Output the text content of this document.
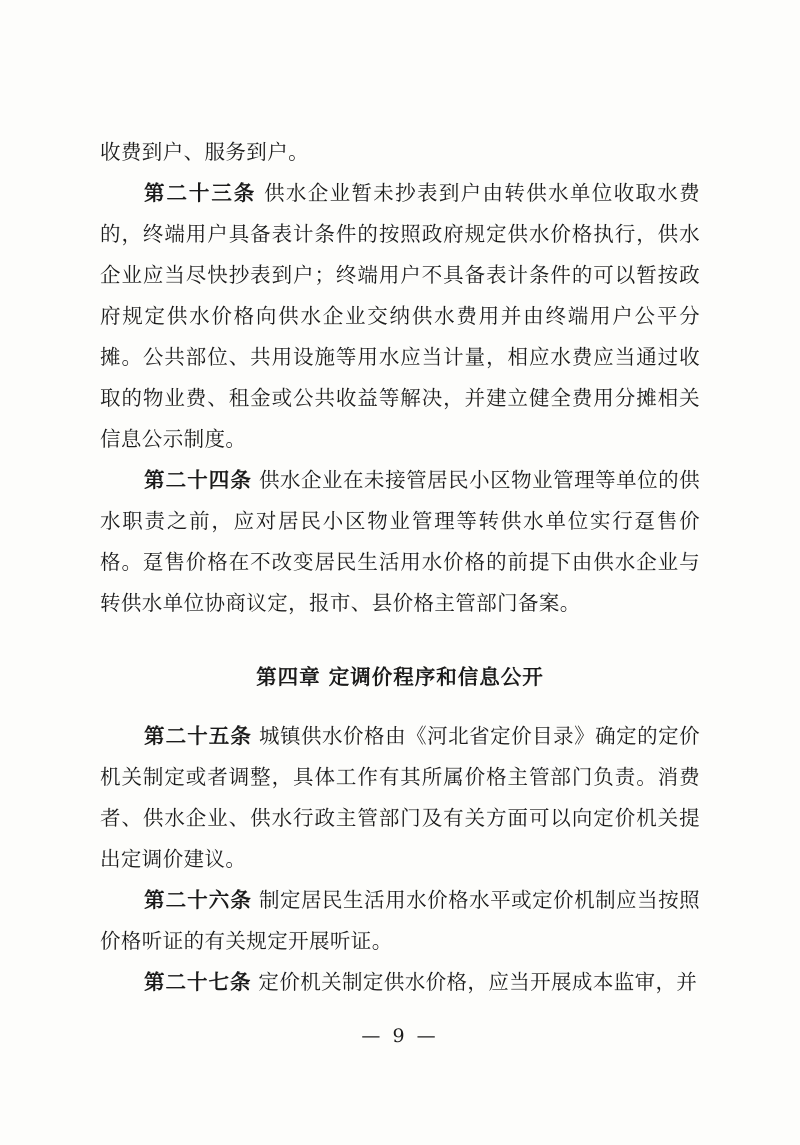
收费到户、服务到户。

第二十三条 供水企业暂未抄表到户由转供水单位收取水费的，终端用户具备表计条件的按照政府规定供水价格执行，供水企业应当尽快抄表到户；终端用户不具备表计条件的可以暂按政府规定供水价格向供水企业交纳供水费用并由终端用户公平分摊。公共部位、共用设施等用水应当计量，相应水费应当通过收取的物业费、租金或公共收益等解决，并建立健全费用分摊相关信息公示制度。

第二十四条 供水企业在未接管居民小区物业管理等单位的供水职责之前，应对居民小区物业管理等转供水单位实行趸售价格。趸售价格在不改变居民生活用水价格的前提下由供水企业与转供水单位协商议定，报市、县价格主管部门备案。

第四章 定调价程序和信息公开

第二十五条 城镇供水价格由《河北省定价目录》确定的定价机关制定或者调整，具体工作有其所属价格主管部门负责。消费者、供水企业、供水行政主管部门及有关方面可以向定价机关提出定调价建议。

第二十六条 制定居民生活用水价格水平或定价机制应当按照价格听证的有关规定开展听证。

第二十七条 定价机关制定供水价格，应当开展成本监审，并

— 9 —
